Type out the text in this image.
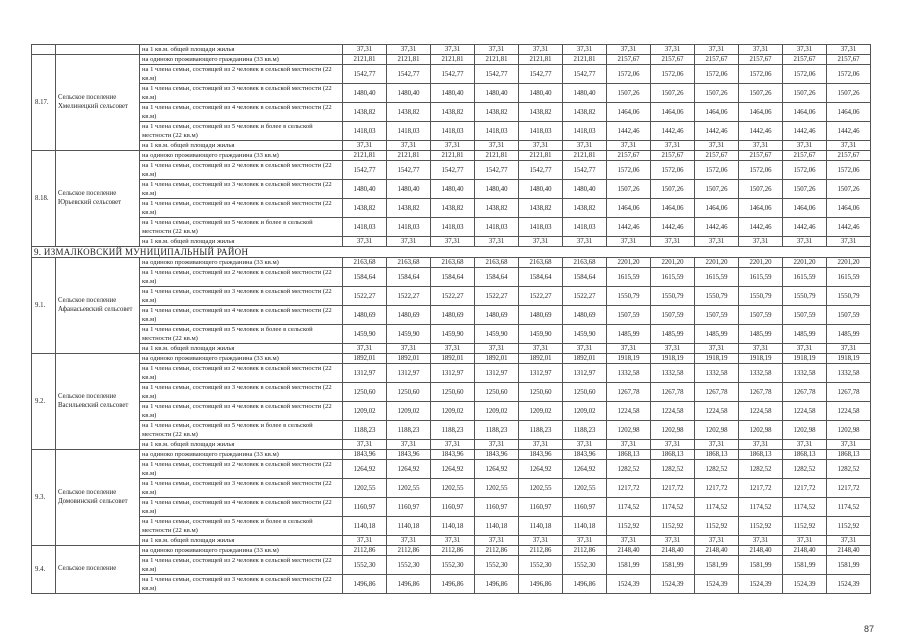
		на 1 кв.м. общей площади жилья	37,31	37,31	37,31	37,31	37,31	37,31	37,31	37,31	37,31	37,31	37,31	37,31
8.17.	Сельское поселение Хмелинецкий сельсовет	на одиноко проживающего гражданина (33 кв.м)	2121,81	2121,81	2121,81	2121,81	2121,81	2121,81	2157,67	2157,67	2157,67	2157,67	2157,67	2157,67
		на 1 члена семьи, состоящей из 2 человек в сельской местности (22 кв.м)	1542,77	1542,77	1542,77	1542,77	1542,77	1542,77	1572,06	1572,06	1572,06	1572,06	1572,06	1572,06
		на 1 члена семьи, состоящей из 3 человек в сельской местности (22 кв.м)	1480,40	1480,40	1480,40	1480,40	1480,40	1480,40	1507,26	1507,26	1507,26	1507,26	1507,26	1507,26
		на 1 члена семьи, состоящей из 4 человек в сельской местности (22 кв.м)	1438,82	1438,82	1438,82	1438,82	1438,82	1438,82	1464,06	1464,06	1464,06	1464,06	1464,06	1464,06
		на 1 члена семьи, состоящей из 5 человек и более в сельской местности (22 кв.м)	1418,03	1418,03	1418,03	1418,03	1418,03	1418,03	1442,46	1442,46	1442,46	1442,46	1442,46	1442,46
		на 1 кв.м. общей площади жилья	37,31	37,31	37,31	37,31	37,31	37,31	37,31	37,31	37,31	37,31	37,31	37,31
8.18.	Сельское поселение Юрьевский сельсовет	на одиноко проживающего гражданина (33 кв.м)	2121,81	2121,81	2121,81	2121,81	2121,81	2121,81	2157,67	2157,67	2157,67	2157,67	2157,67	2157,67
		на 1 члена семьи, состоящей из 2 человек в сельской местности (22 кв.м)	1542,77	1542,77	1542,77	1542,77	1542,77	1542,77	1572,06	1572,06	1572,06	1572,06	1572,06	1572,06
		на 1 члена семьи, состоящей из 3 человек в сельской местности (22 кв.м)	1480,40	1480,40	1480,40	1480,40	1480,40	1480,40	1507,26	1507,26	1507,26	1507,26	1507,26	1507,26
		на 1 члена семьи, состоящей из 4 человек в сельской местности (22 кв.м)	1438,82	1438,82	1438,82	1438,82	1438,82	1438,82	1464,06	1464,06	1464,06	1464,06	1464,06	1464,06
		на 1 члена семьи, состоящей из 5 человек и более в сельской местности (22 кв.м)	1418,03	1418,03	1418,03	1418,03	1418,03	1418,03	1442,46	1442,46	1442,46	1442,46	1442,46	1442,46
		на 1 кв.м. общей площади жилья	37,31	37,31	37,31	37,31	37,31	37,31	37,31	37,31	37,31	37,31	37,31	37,31
9. ИЗМАЛКОВСКИЙ МУНИЦИПАЛЬНЫЙ РАЙОН														
9.1.	Сельское поселение Афанасьевский сельсовет	на одиноко проживающего гражданина (33 кв.м)	2163,68	2163,68	2163,68	2163,68	2163,68	2163,68	2201,20	2201,20	2201,20	2201,20	2201,20	2201,20
		на 1 члена семьи, состоящей из 2 человек в сельской местности (22 кв.м)	1584,64	1584,64	1584,64	1584,64	1584,64	1584,64	1615,59	1615,59	1615,59	1615,59	1615,59	1615,59
		на 1 члена семьи, состоящей из 3 человек в сельской местности (22 кв.м)	1522,27	1522,27	1522,27	1522,27	1522,27	1522,27	1550,79	1550,79	1550,79	1550,79	1550,79	1550,79
		на 1 члена семьи, состоящей из 4 человек в сельской местности (22 кв.м)	1480,69	1480,69	1480,69	1480,69	1480,69	1480,69	1507,59	1507,59	1507,59	1507,59	1507,59	1507,59
		на 1 члена семьи, состоящей из 5 человек и более в сельской местности (22 кв.м)	1459,90	1459,90	1459,90	1459,90	1459,90	1459,90	1485,99	1485,99	1485,99	1485,99	1485,99	1485,99
		на 1 кв.м. общей площади жилья	37,31	37,31	37,31	37,31	37,31	37,31	37,31	37,31	37,31	37,31	37,31	37,31
9.2.	Сельское поселение Васильевский сельсовет	на одиноко проживающего гражданина (33 кв.м)	1892,01	1892,01	1892,01	1892,01	1892,01	1892,01	1918,19	1918,19	1918,19	1918,19	1918,19	1918,19
		на 1 члена семьи, состоящей из 2 человек в сельской местности (22 кв.м)	1312,97	1312,97	1312,97	1312,97	1312,97	1312,97	1332,58	1332,58	1332,58	1332,58	1332,58	1332,58
		на 1 члена семьи, состоящей из 3 человек в сельской местности (22 кв.м)	1250,60	1250,60	1250,60	1250,60	1250,60	1250,60	1267,78	1267,78	1267,78	1267,78	1267,78	1267,78
		на 1 члена семьи, состоящей из 4 человек в сельской местности (22 кв.м)	1209,02	1209,02	1209,02	1209,02	1209,02	1209,02	1224,58	1224,58	1224,58	1224,58	1224,58	1224,58
		на 1 члена семьи, состоящей из 5 человек и более в сельской местности (22 кв.м)	1188,23	1188,23	1188,23	1188,23	1188,23	1188,23	1202,98	1202,98	1202,98	1202,98	1202,98	1202,98
		на 1 кв.м. общей площади жилья	37,31	37,31	37,31	37,31	37,31	37,31	37,31	37,31	37,31	37,31	37,31	37,31
9.3.	Сельское поселение Домовинский сельсовет	на одиноко проживающего гражданина (33 кв.м)	1843,96	1843,96	1843,96	1843,96	1843,96	1843,96	1868,13	1868,13	1868,13	1868,13	1868,13	1868,13
		на 1 члена семьи, состоящей из 2 человек в сельской местности (22 кв.м)	1264,92	1264,92	1264,92	1264,92	1264,92	1264,92	1282,52	1282,52	1282,52	1282,52	1282,52	1282,52
		на 1 члена семьи, состоящей из 3 человек в сельской местности (22 кв.м)	1202,55	1202,55	1202,55	1202,55	1202,55	1202,55	1217,72	1217,72	1217,72	1217,72	1217,72	1217,72
		на 1 члена семьи, состоящей из 4 человек в сельской местности (22 кв.м)	1160,97	1160,97	1160,97	1160,97	1160,97	1160,97	1174,52	1174,52	1174,52	1174,52	1174,52	1174,52
		на 1 члена семьи, состоящей из 5 человек и более в сельской местности (22 кв.м)	1140,18	1140,18	1140,18	1140,18	1140,18	1140,18	1152,92	1152,92	1152,92	1152,92	1152,92	1152,92
		на 1 кв.м. общей площади жилья	37,31	37,31	37,31	37,31	37,31	37,31	37,31	37,31	37,31	37,31	37,31	37,31
9.4.	Сельское поселение	на одиноко проживающего гражданина (33 кв.м)	2112,86	2112,86	2112,86	2112,86	2112,86	2112,86	2148,40	2148,40	2148,40	2148,40	2148,40	2148,40
		на 1 члена семьи, состоящей из 2 человек в сельской местности (22 кв.м)	1552,30	1552,30	1552,30	1552,30	1552,30	1552,30	1581,99	1581,99	1581,99	1581,99	1581,99	1581,99
		на 1 члена семьи, состоящей из 3 человек в сельской местности (22 кв.м)	1496,86	1496,86	1496,86	1496,86	1496,86	1496,86	1524,39	1524,39	1524,39	1524,39	1524,39	1524,39
87
